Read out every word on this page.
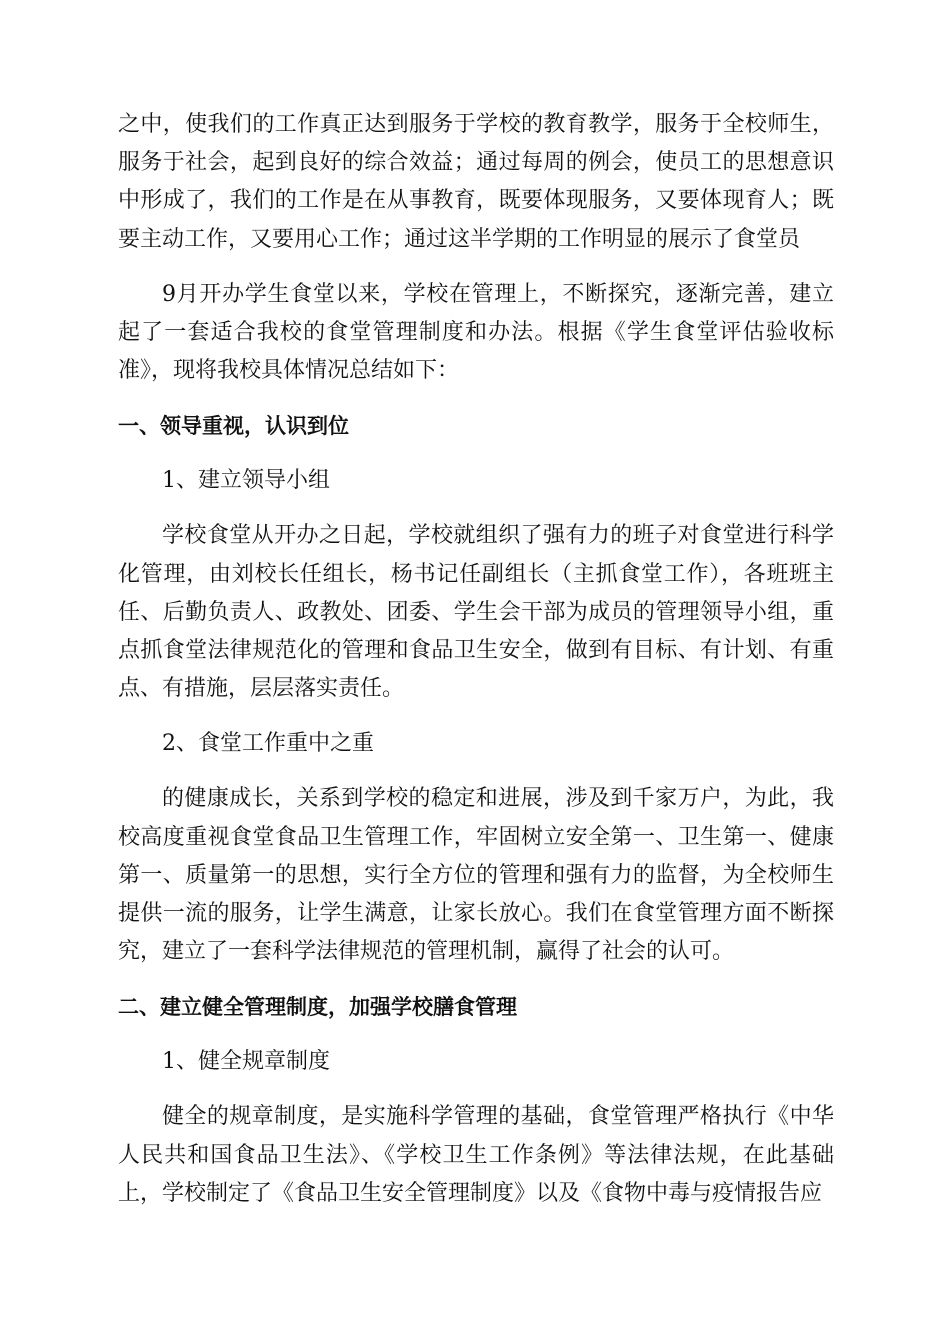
之中，使我们的工作真正达到服务于学校的教育教学，服务于全校师生，服务于社会，起到良好的综合效益；通过每周的例会，使员工的思想意识中形成了，我们的工作是在从事教育，既要体现服务，又要体现育人；既要主动工作，又要用心工作；通过这半学期的工作明显的展示了食堂员

9月开办学生食堂以来，学校在管理上，不断探究，逐渐完善，建立起了一套适合我校的食堂管理制度和办法。根据《学生食堂评估验收标准》，现将我校具体情况总结如下：

一、领导重视，认识到位

1、建立领导小组

学校食堂从开办之日起，学校就组织了强有力的班子对食堂进行科学化管理，由刘校长任组长，杨书记任副组长（主抓食堂工作），各班班主任、后勤负责人、政教处、团委、学生会干部为成员的管理领导小组，重点抓食堂法律规范化的管理和食品卫生安全，做到有目标、有计划、有重点、有措施，层层落实责任。

2、食堂工作重中之重

的健康成长，关系到学校的稳定和进展，涉及到千家万户，为此，我校高度重视食堂食品卫生管理工作，牢固树立安全第一、卫生第一、健康第一、质量第一的思想，实行全方位的管理和强有力的监督，为全校师生提供一流的服务，让学生满意，让家长放心。我们在食堂管理方面不断探究，建立了一套科学法律规范的管理机制，赢得了社会的认可。

二、建立健全管理制度，加强学校膳食管理

1、健全规章制度

健全的规章制度，是实施科学管理的基础，食堂管理严格执行《中华人民共和国食品卫生法》、《学校卫生工作条例》等法律法规，在此基础上，学校制定了《食品卫生安全管理制度》以及《食物中毒与疫情报告应
